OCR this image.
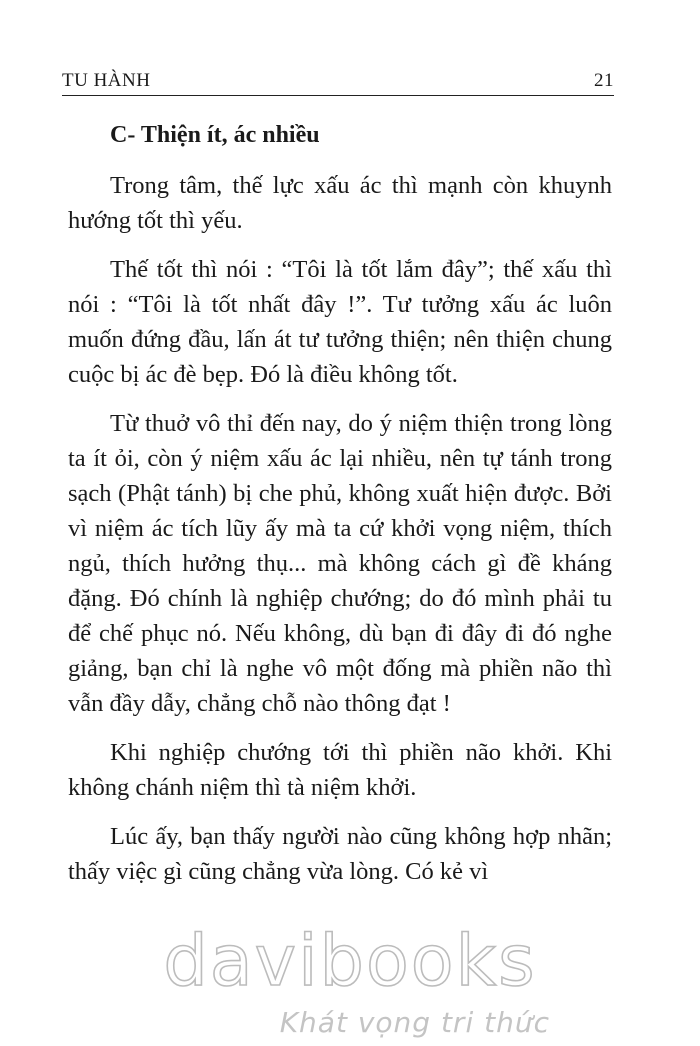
TU HÀNH	21
C- Thiện ít, ác nhiều

Trong tâm, thế lực xấu ác thì mạnh còn khuynh hướng tốt thì yếu.

Thế tốt thì nói : “Tôi là tốt lắm đây”; thế xấu thì nói : “Tôi là tốt nhất đây !”. Tư tưởng xấu ác luôn muốn đứng đầu, lấn át tư tưởng thiện; nên thiện chung cuộc bị ác đè bẹp. Đó là điều không tốt.

Từ thuở vô thỉ đến nay, do ý niệm thiện trong lòng ta ít ỏi, còn ý niệm xấu ác lại nhiều, nên tự tánh trong sạch (Phật tánh) bị che phủ, không xuất hiện được. Bởi vì niệm ác tích lũy ấy mà ta cứ khởi vọng niệm, thích ngủ, thích hưởng thụ... mà không cách gì đề kháng đặng. Đó chính là nghiệp chướng; do đó mình phải tu để chế phục nó. Nếu không, dù bạn đi đây đi đó nghe giảng, bạn chỉ là nghe vô một đống mà phiền não thì vẫn đầy dẫy, chẳng chỗ nào thông đạt !

Khi nghiệp chướng tới thì phiền não khởi. Khi không chánh niệm thì tà niệm khởi.

Lúc ấy, bạn thấy người nào cũng không hợp nhãn; thấy việc gì cũng chẳng vừa lòng. Có kẻ vì

davibooks
Khát vọng tri thức
